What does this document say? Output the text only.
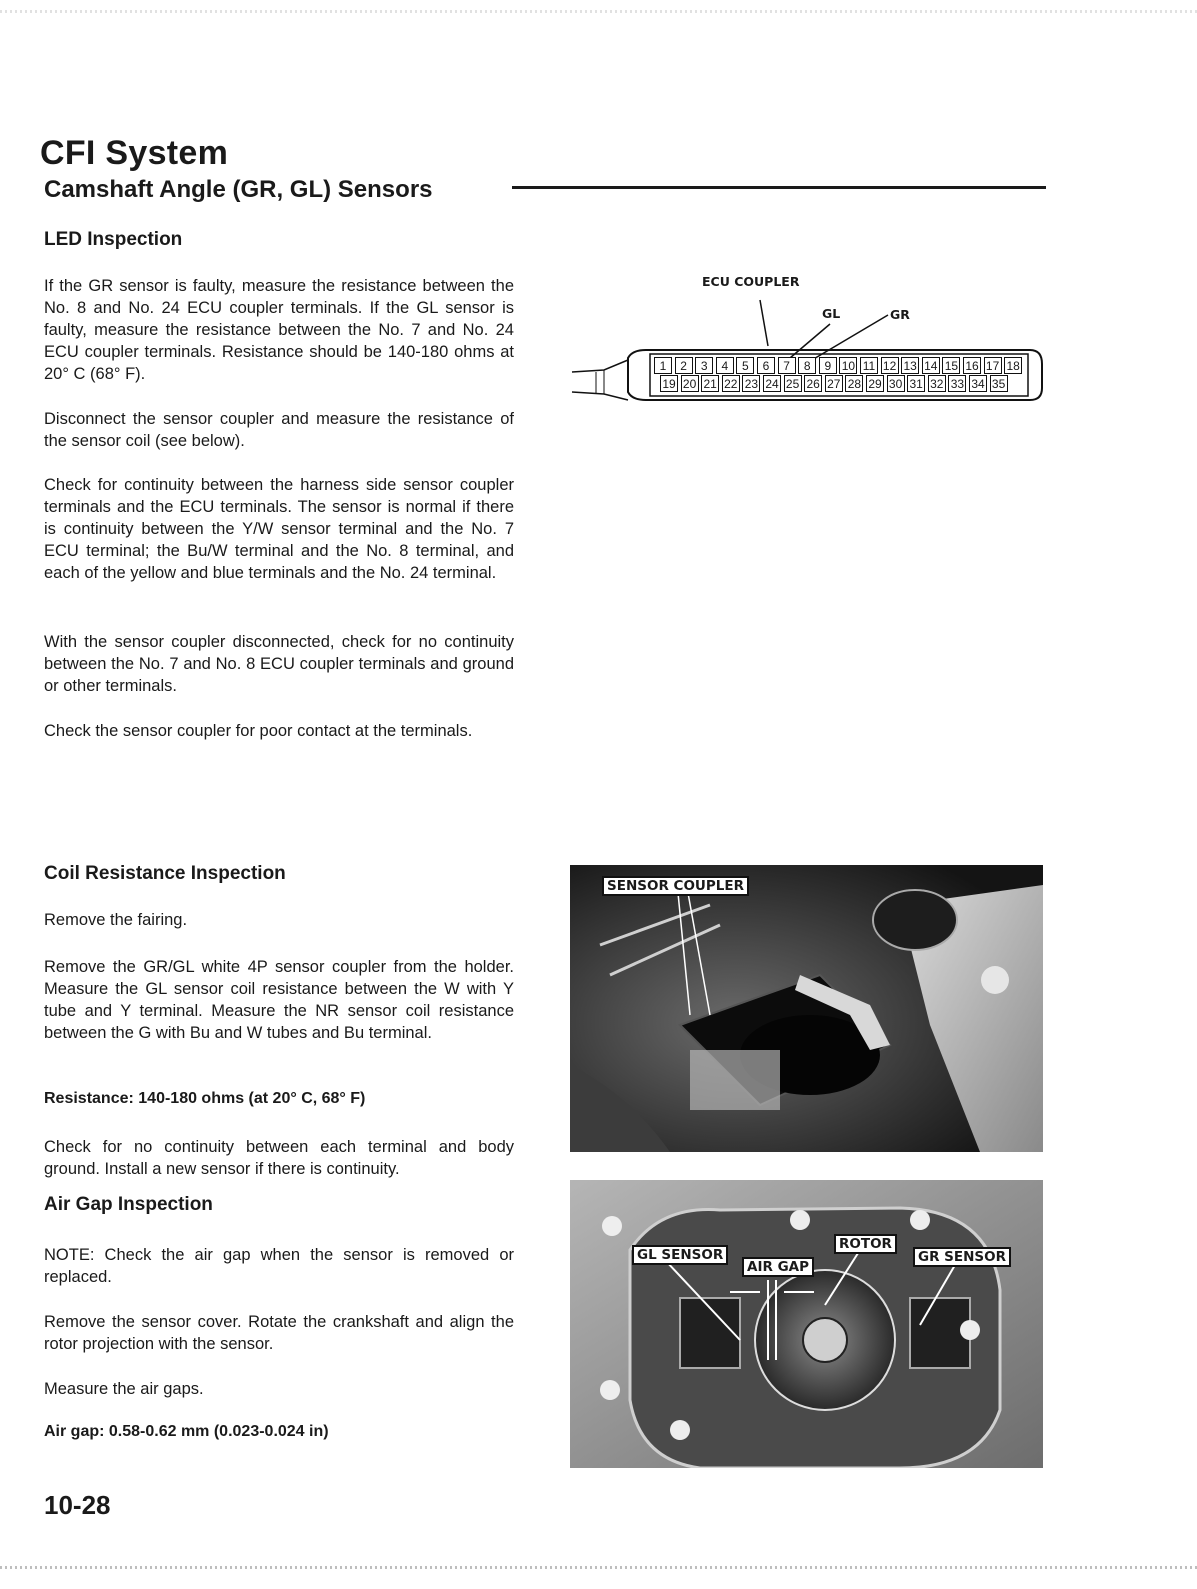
CFI System
Camshaft Angle (GR, GL) Sensors
LED Inspection
If the GR sensor is faulty, measure the resistance between the No. 8 and No. 24 ECU coupler terminals. If the GL sensor is faulty, measure the resistance between the No. 7 and No. 24 ECU coupler terminals. Resistance should be 140-180 ohms at 20° C (68° F).
Disconnect the sensor coupler and measure the resistance of the sensor coil (see below).
Check for continuity between the harness side sensor coupler terminals and the ECU terminals. The sensor is normal if there is continuity between the Y/W sensor terminal and the No. 7 ECU terminal; the Bu/W terminal and the No. 8 terminal, and each of the yellow and blue terminals and the No. 24 terminal.
With the sensor coupler disconnected, check for no continuity between the No. 7 and No. 8 ECU coupler terminals and ground or other terminals.
Check the sensor coupler for poor contact at the terminals.
ECU COUPLER
GL	GR
1	2	3	4	5	6	7	8	9 10 11 12 13 14 15 16 17 18
19 20 21 22 23 24 25 26 27 28 29 30 31 32 33 34 35
Coil Resistance Inspection
Remove the fairing.
Remove the GR/GL white 4P sensor coupler from the holder. Measure the GL sensor coil resistance between the W with Y tube and Y terminal. Measure the NR sensor coil resistance between the G with Bu and W tubes and Bu terminal.
Resistance: 140-180 ohms (at 20° C, 68° F)
Check for no continuity between each terminal and body ground. Install a new sensor if there is continuity.
Air Gap Inspection
NOTE: Check the air gap when the sensor is removed or replaced.
Remove the sensor cover. Rotate the crankshaft and align the rotor projection with the sensor.
Measure the air gaps.
Air gap: 0.58-0.62 mm (0.023-0.024 in)
SENSOR COUPLER
GL SENSOR
AIR GAP
ROTOR
GR SENSOR
10-28
